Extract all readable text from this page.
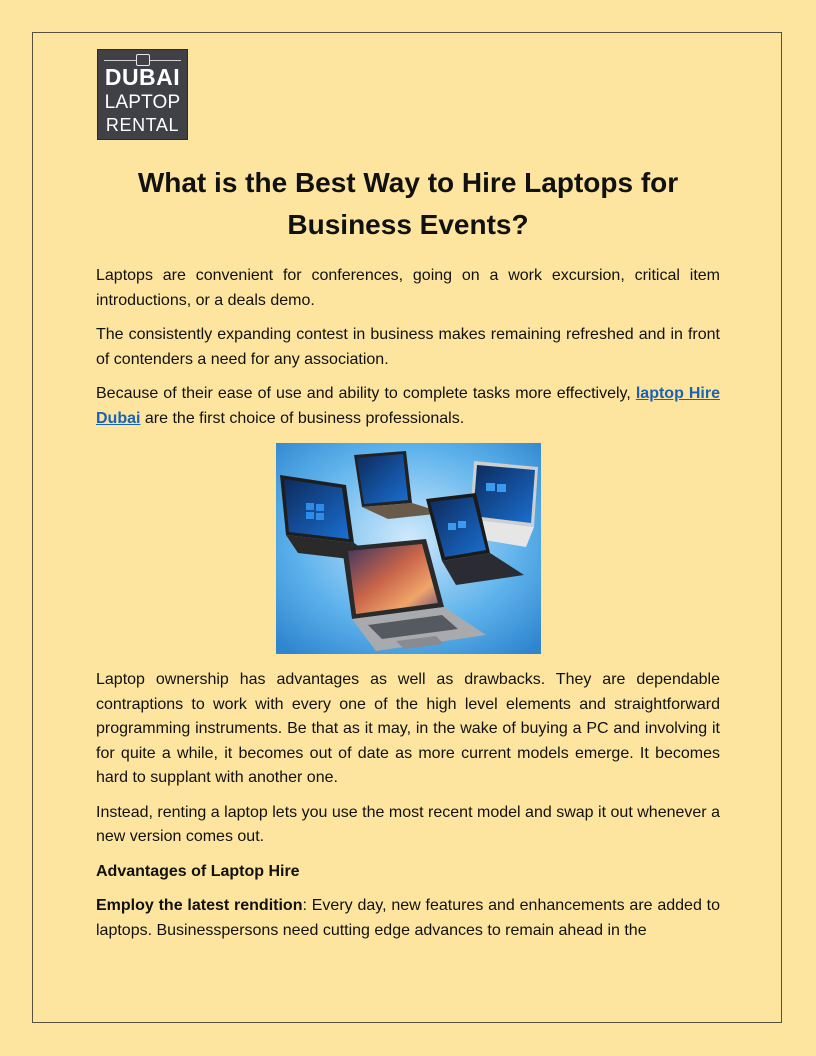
DUBAI
LAPTOP
RENTAL
What is the Best Way to Hire Laptops for Business Events?

Laptops are convenient for conferences, going on a work excursion, critical item introductions, or a deals demo.

The consistently expanding contest in business makes remaining refreshed and in front of contenders a need for any association.

Because of their ease of use and ability to complete tasks more effectively, laptop Hire Dubai are the first choice of business professionals.

Laptop ownership has advantages as well as drawbacks. They are dependable contraptions to work with every one of the high level elements and straightforward programming instruments. Be that as it may, in the wake of buying a PC and involving it for quite a while, it becomes out of date as more current models emerge. It becomes hard to supplant with another one.

Instead, renting a laptop lets you use the most recent model and swap it out whenever a new version comes out.

Advantages of Laptop Hire

Employ the latest rendition: Every day, new features and enhancements are added to laptops. Businesspersons need cutting edge advances to remain ahead in the
